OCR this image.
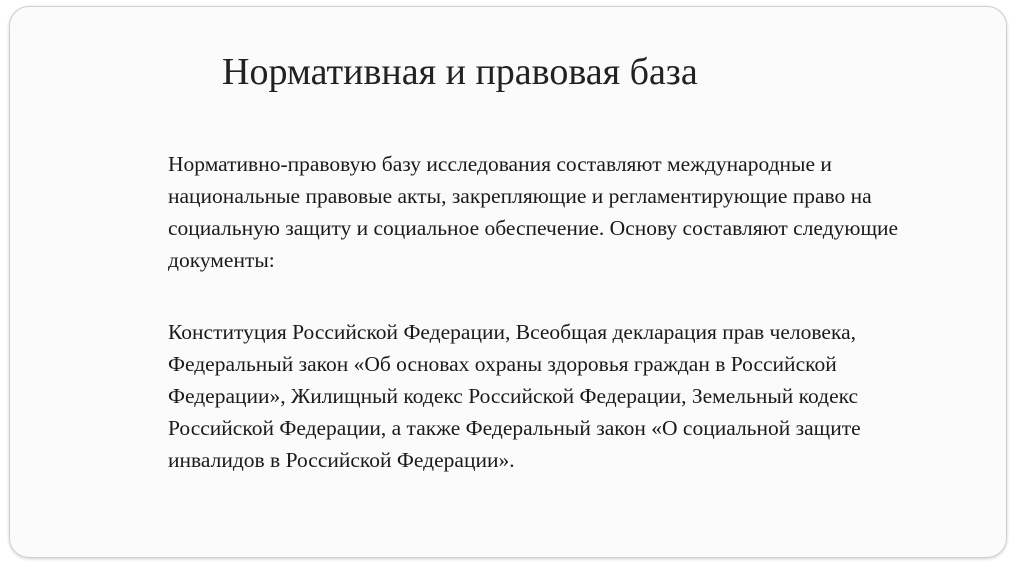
Нормативная и правовая база

Нормативно-правовую базу исследования составляют международные и национальные правовые акты, закрепляющие и регламентирующие право на социальную защиту и социальное обеспечение. Основу составляют следующие документы:

Конституция Российской Федерации, Всеобщая декларация прав человека, Федеральный закон «Об основах охраны здоровья граждан в Российской Федерации», Жилищный кодекс Российской Федерации, Земельный кодекс Российской Федерации, а также Федеральный закон «О социальной защите инвалидов в Российской Федерации».
